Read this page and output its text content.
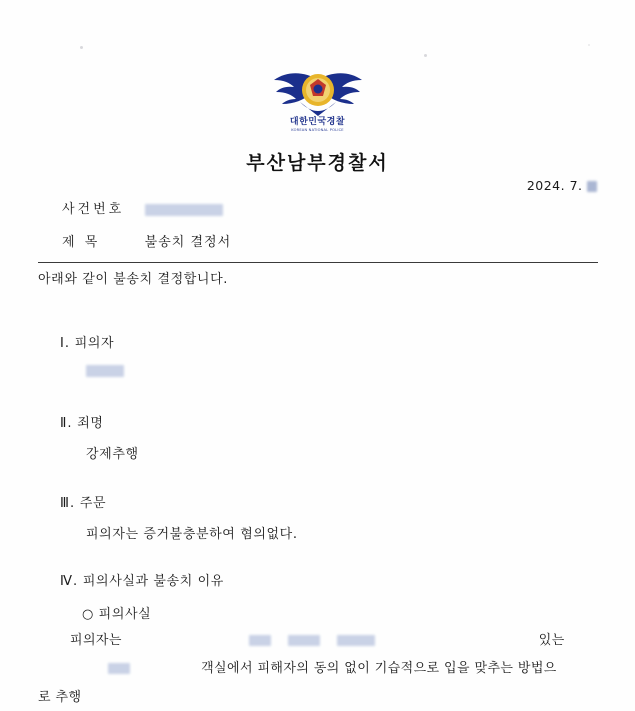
대한민국경찰
KOREAN NATIONAL POLICE
부산남부경찰서
2024. 7.
사건번호
제 목	불송치 결정서
아래와 같이 불송치 결정합니다.
Ⅰ. 피의자
Ⅱ. 죄명
강제추행
Ⅲ. 주문
피의자는 증거불충분하여 혐의없다.
Ⅳ. 피의사실과 불송치 이유
○ 피의사실
피의자는	있는
객실에서 피해자의 동의 없이 기습적으로 입을 맞추는 방법으
로 추행
